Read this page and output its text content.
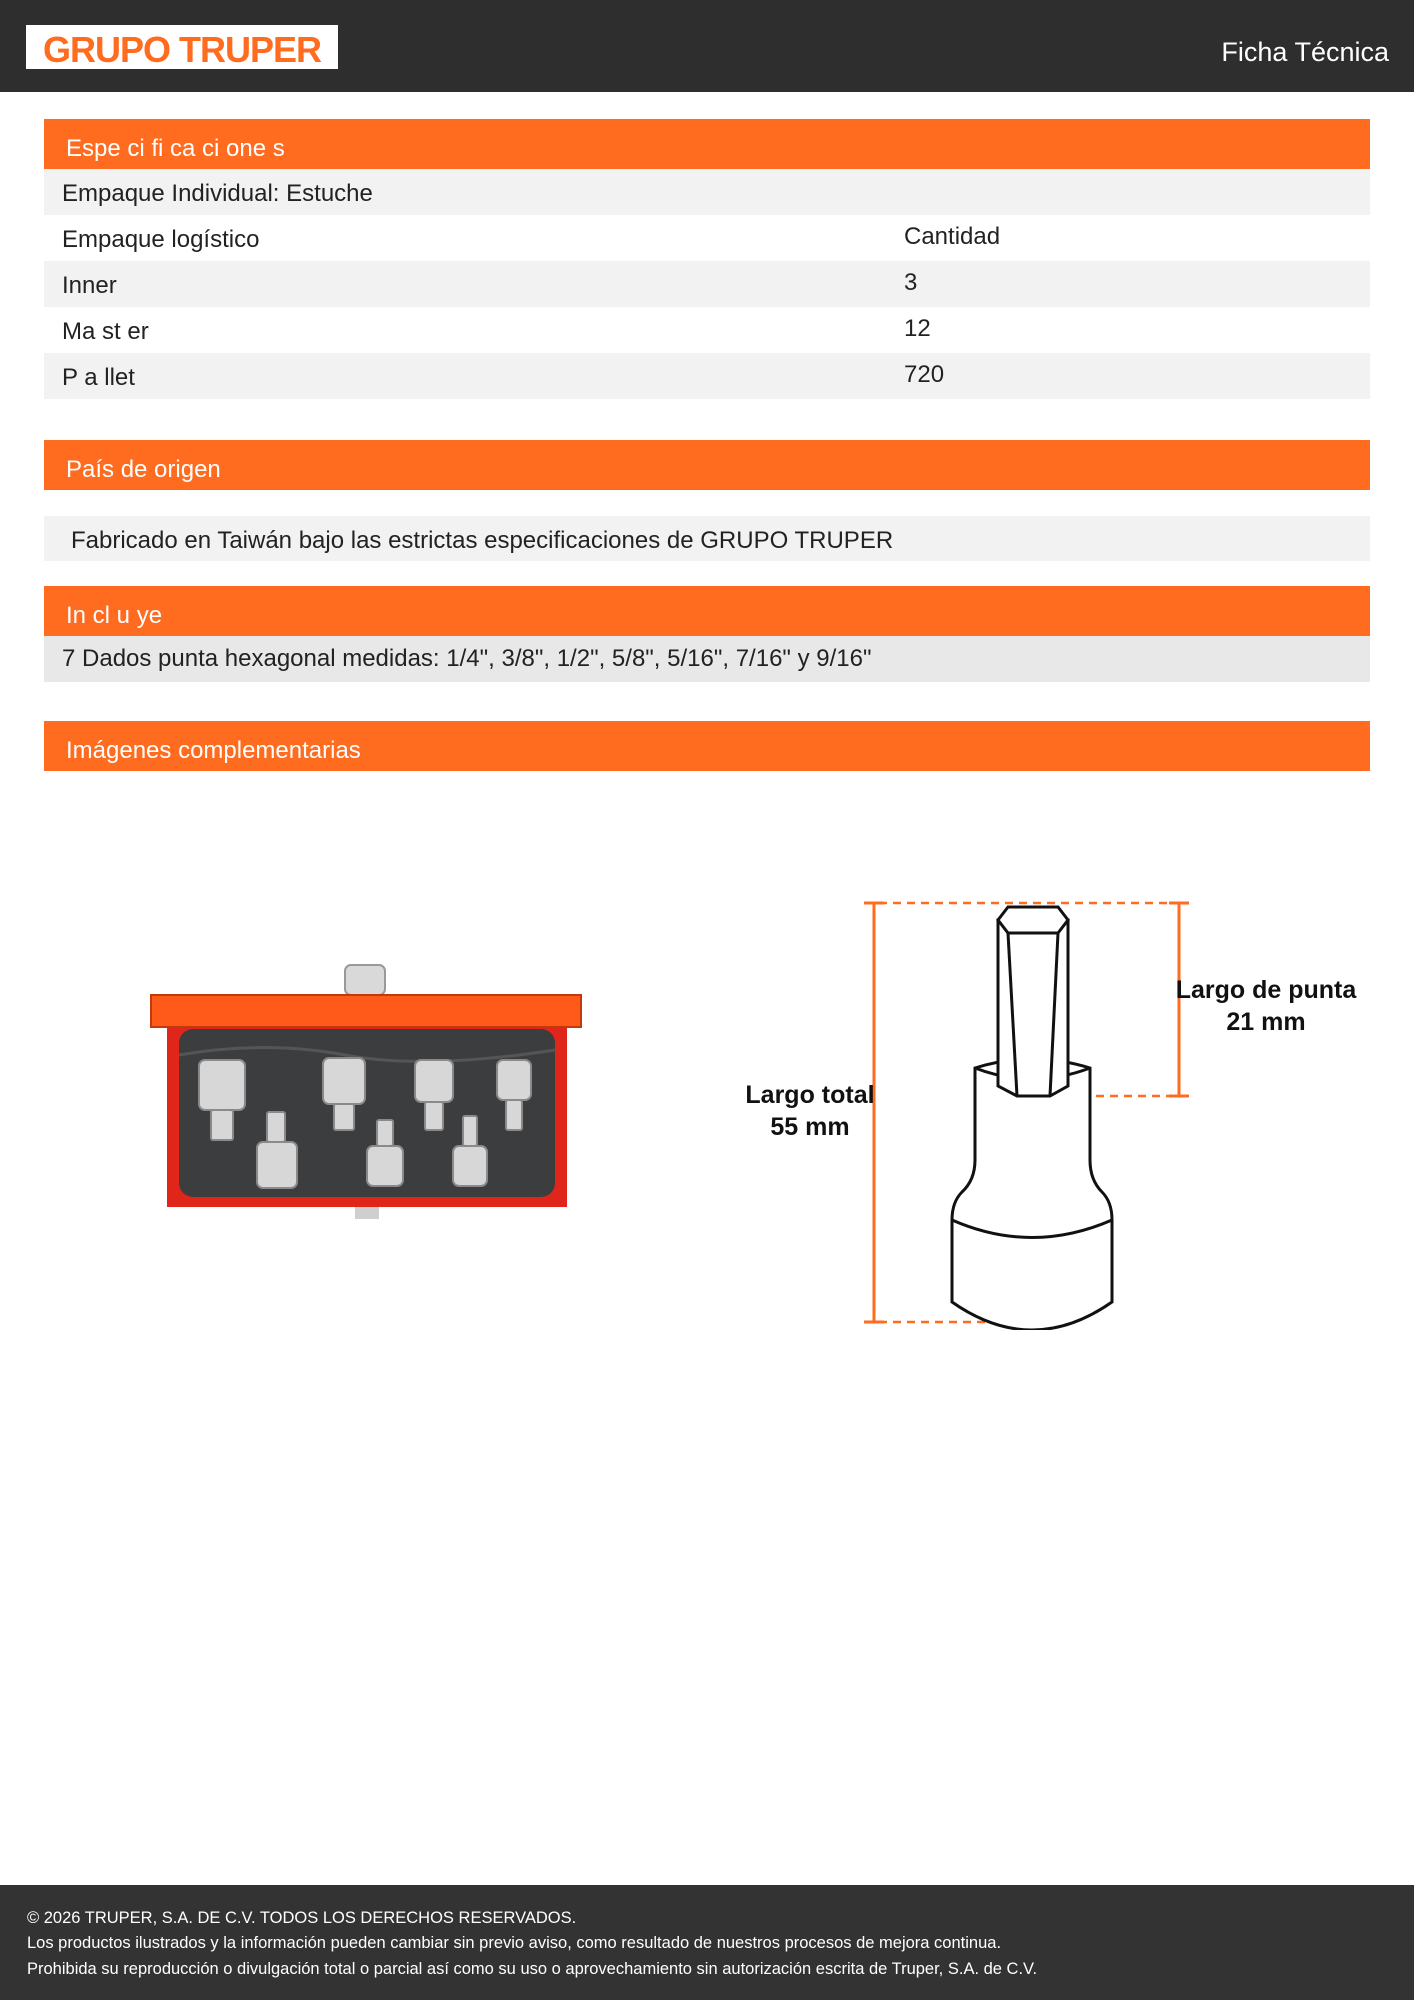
GRUPO TRUPER	Ficha Técnica
Espe ci fi ca ci one s
Empaque Individual: Estuche
Empaque logístico	Cantidad
Inner	3
Ma st er	12
P a llet	720
País de origen
Fabricado en Taiwán bajo las estrictas especificaciones de GRUPO TRUPER
In cl u ye
7 Dados punta hexagonal medidas: 1/4", 3/8", 1/2", 5/8", 5/16", 7/16" y 9/16"
Imágenes complementarias
Largo de punta
21 mm
Largo total
55 mm
© 2026 TRUPER, S.A. DE C.V. TODOS LOS DERECHOS RESERVADOS.
Los productos ilustrados y la información pueden cambiar sin previo aviso, como resultado de nuestros procesos de mejora continua.
Prohibida su reproducción o divulgación total o parcial así como su uso o aprovechamiento sin autorización escrita de Truper, S.A. de C.V.
